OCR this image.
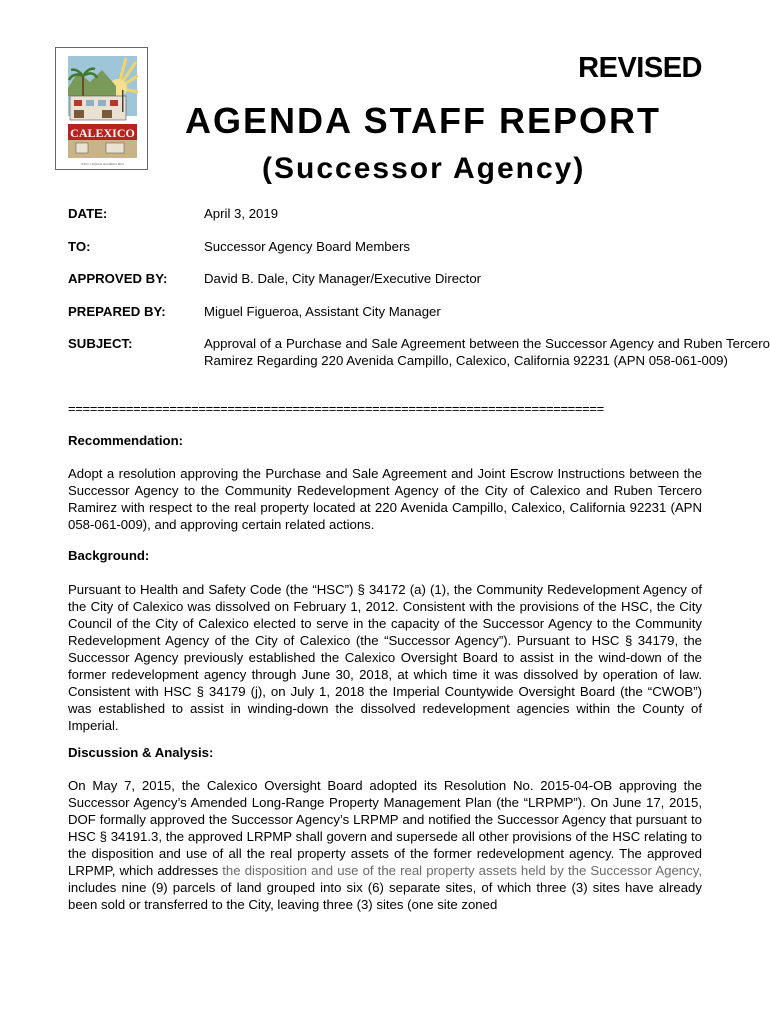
CALEXICO
Where California and Mexico Meet
REVISED
AGENDA STAFF REPORT
(Successor Agency)
DATE:	April 3, 2019
TO:	Successor Agency Board Members
APPROVED BY:	David B. Dale, City Manager/Executive Director
PREPARED BY:	Miguel Figueroa, Assistant City Manager
SUBJECT:	Approval of a Purchase and Sale Agreement between the Successor Agency and Ruben Tercero Ramirez Regarding 220 Avenida Campillo, Calexico, California 92231 (APN 058-061-009)
==========================================================================
Recommendation:
Adopt a resolution approving the Purchase and Sale Agreement and Joint Escrow Instructions between the Successor Agency to the Community Redevelopment Agency of the City of Calexico and Ruben Tercero Ramirez with respect to the real property located at 220 Avenida Campillo, Calexico, California 92231 (APN 058-061-009), and approving certain related actions.
Background:
Pursuant to Health and Safety Code (the “HSC”) § 34172 (a) (1), the Community Redevelopment Agency of the City of Calexico was dissolved on February 1, 2012. Consistent with the provisions of the HSC, the City Council of the City of Calexico elected to serve in the capacity of the Successor Agency to the Community Redevelopment Agency of the City of Calexico (the “Successor Agency”). Pursuant to HSC § 34179, the Successor Agency previously established the Calexico Oversight Board to assist in the wind-down of the former redevelopment agency through June 30, 2018, at which time it was dissolved by operation of law. Consistent with HSC § 34179 (j), on July 1, 2018 the Imperial Countywide Oversight Board (the “CWOB”) was established to assist in winding-down the dissolved redevelopment agencies within the County of Imperial.
Discussion & Analysis:
On May 7, 2015, the Calexico Oversight Board adopted its Resolution No. 2015-04-OB approving the Successor Agency’s Amended Long-Range Property Management Plan (the “LRPMP”). On June 17, 2015, DOF formally approved the Successor Agency’s LRPMP and notified the Successor Agency that pursuant to HSC § 34191.3, the approved LRPMP shall govern and supersede all other provisions of the HSC relating to the disposition and use of all the real property assets of the former redevelopment agency. The approved LRPMP, which addresses the disposition and use of the real property assets held by the Successor Agency, includes nine (9) parcels of land grouped into six (6) separate sites, of which three (3) sites have already been sold or transferred to the City, leaving three (3) sites (one site zoned
